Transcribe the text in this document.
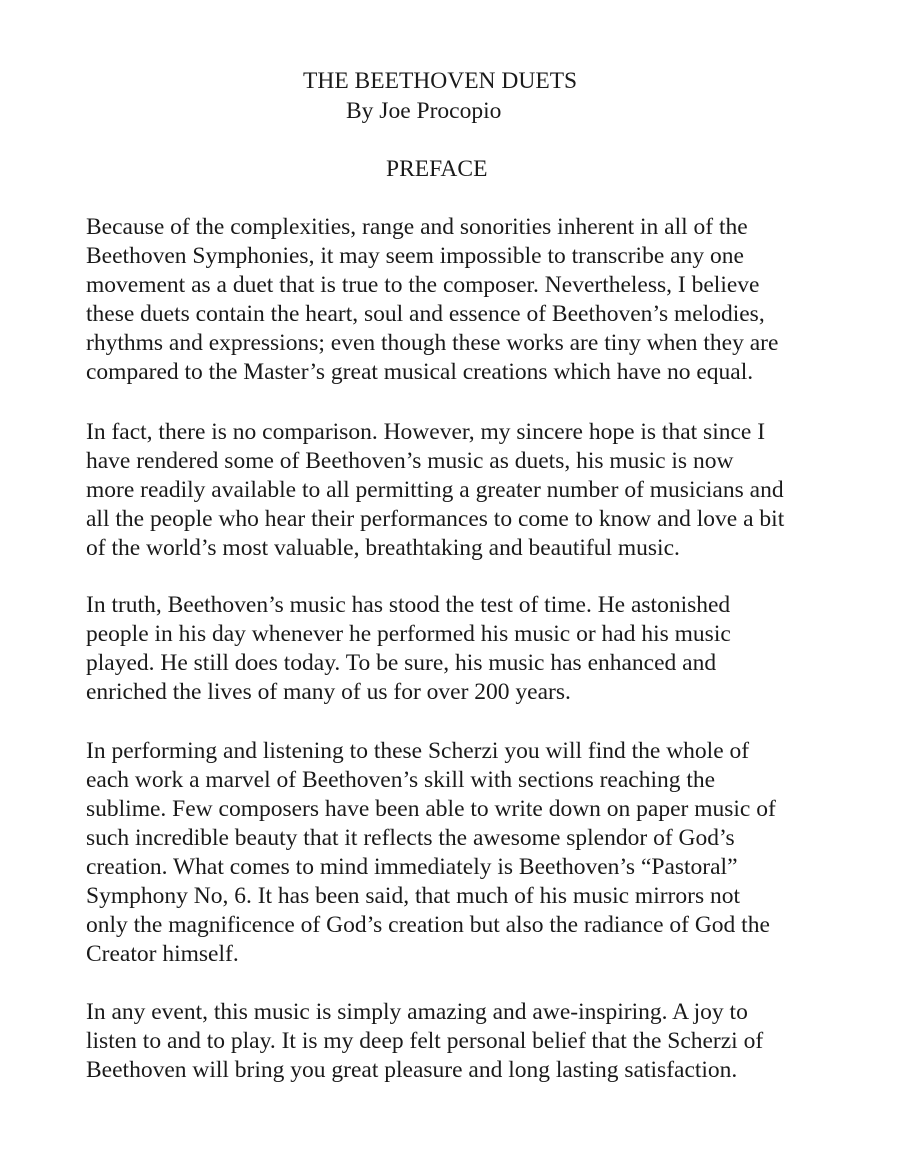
THE BEETHOVEN DUETS

By Joe Procopio

PREFACE
Because of the complexities, range and sonorities inherent in all of the
Beethoven Symphonies, it may seem impossible to transcribe any one
movement as a duet that is true to the composer. Nevertheless, I believe
these duets contain the heart, soul and essence of Beethoven’s melodies,
rhythms and expressions; even though these works are tiny when they are
compared to the Master’s great musical creations which have no equal.
In fact, there is no comparison. However, my sincere hope is that since I
have rendered some of Beethoven’s music as duets, his music is now
more readily available to all permitting a greater number of musicians and
all the people who hear their performances to come to know and love a bit
of the world’s most valuable, breathtaking and beautiful music.
In truth, Beethoven’s music has stood the test of time. He astonished
people in his day whenever he performed his music or had his music
played. He still does today. To be sure, his music has enhanced and
enriched the lives of many of us for over 200 years.
In performing and listening to these Scherzi you will find the whole of
each work a marvel of Beethoven’s skill with sections reaching the
sublime. Few composers have been able to write down on paper music of
such incredible beauty that it reflects the awesome splendor of God’s
creation. What comes to mind immediately is Beethoven’s “Pastoral”
Symphony No, 6. It has been said, that much of his music mirrors not
only the magnificence of God’s creation but also the radiance of God the
Creator himself.
In any event, this music is simply amazing and awe-inspiring. A joy to
listen to and to play. It is my deep felt personal belief that the Scherzi of
Beethoven will bring you great pleasure and long lasting satisfaction.
